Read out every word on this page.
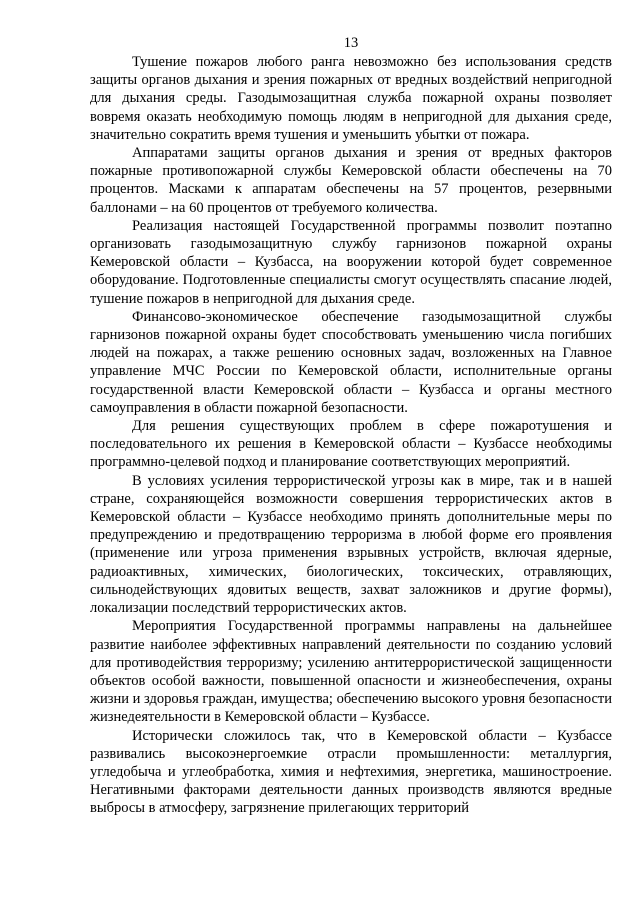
13

Тушение пожаров любого ранга невозможно без использования средств защиты органов дыхания и зрения пожарных от вредных воздействий непригодной для дыхания среды. Газодымозащитная служба пожарной охраны позволяет вовремя оказать необходимую помощь людям в непригодной для дыхания среде, значительно сократить время тушения и уменьшить убытки от пожара.

Аппаратами защиты органов дыхания и зрения от вредных факторов пожарные противопожарной службы Кемеровской области обеспечены на 70 процентов. Масками к аппаратам обеспечены на 57 процентов, резервными баллонами – на 60 процентов от требуемого количества.

Реализация настоящей Государственной программы позволит поэтапно организовать газодымозащитную службу гарнизонов пожарной охраны Кемеровской области – Кузбасса, на вооружении которой будет современное оборудование. Подготовленные специалисты смогут осуществлять спасание людей, тушение пожаров в непригодной для дыхания среде.

Финансово-экономическое обеспечение газодымозащитной службы гарнизонов пожарной охраны будет способствовать уменьшению числа погибших людей на пожарах, а также решению основных задач, возложенных на Главное управление МЧС России по Кемеровской области, исполнительные органы государственной власти Кемеровской области – Кузбасса и органы местного самоуправления в области пожарной безопасности.

Для решения существующих проблем в сфере пожаротушения и последовательного их решения в Кемеровской области – Кузбассе необходимы программно-целевой подход и планирование соответствующих мероприятий.

В условиях усиления террористической угрозы как в мире, так и в нашей стране, сохраняющейся возможности совершения террористических актов в Кемеровской области – Кузбассе необходимо принять дополнительные меры по предупреждению и предотвращению терроризма в любой форме его проявления (применение или угроза применения взрывных устройств, включая ядерные, радиоактивных, химических, биологических, токсических, отравляющих, сильнодействующих ядовитых веществ, захват заложников и другие формы), локализации последствий террористических актов.

Мероприятия Государственной программы направлены на дальнейшее развитие наиболее эффективных направлений деятельности по созданию условий для противодействия терроризму; усилению антитеррористической защищенности объектов особой важности, повышенной опасности и жизнеобеспечения, охраны жизни и здоровья граждан, имущества; обеспечению высокого уровня безопасности жизнедеятельности в Кемеровской области – Кузбассе.

Исторически сложилось так, что в Кемеровской области – Кузбассе развивались высокоэнергоемкие отрасли промышленности: металлургия, угледобыча и углеобработка, химия и нефтехимия, энергетика, машиностроение. Негативными факторами деятельности данных производств являются вредные выбросы в атмосферу, загрязнение прилегающих территорий
